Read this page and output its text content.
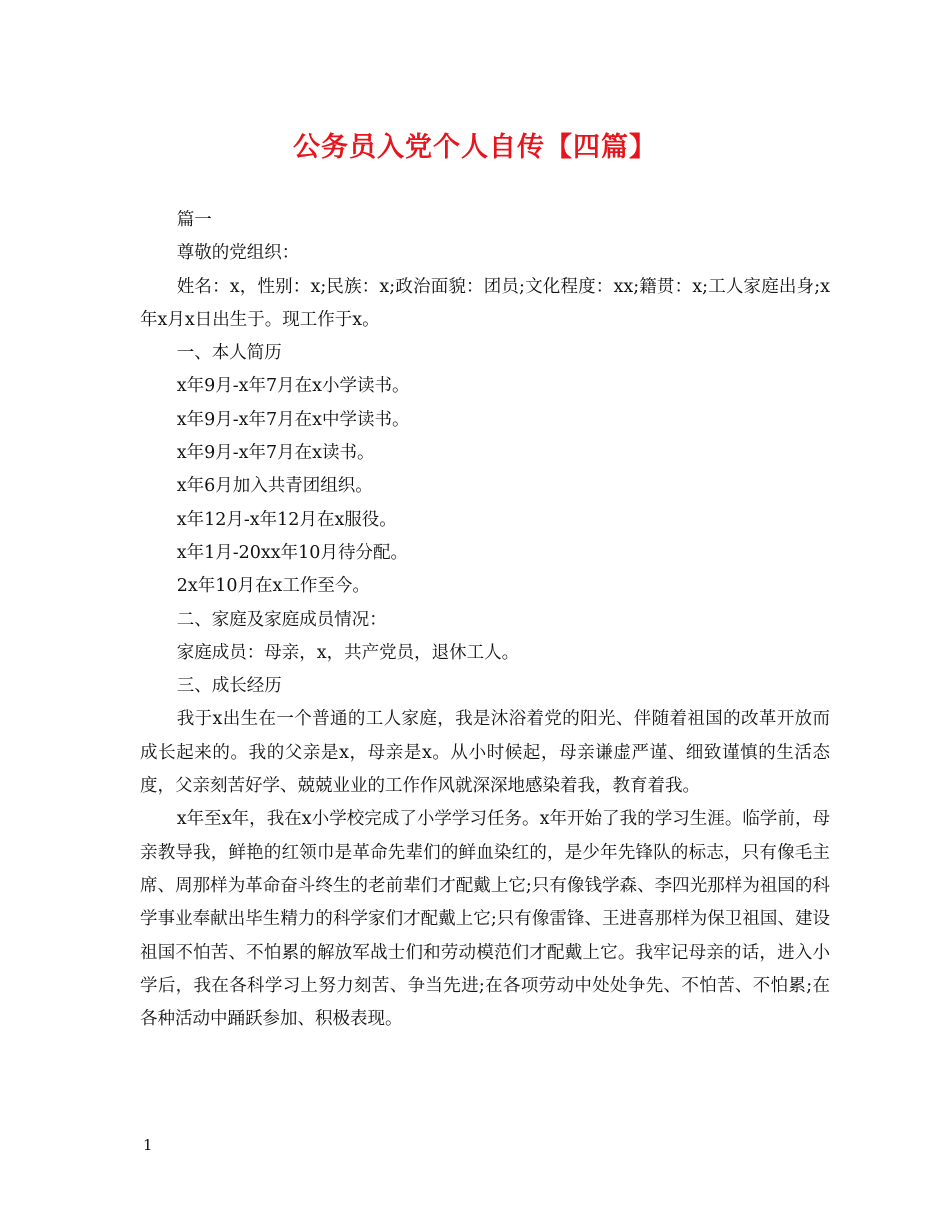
公务员入党个人自传【四篇】

篇一

尊敬的党组织：

姓名：x，性别：x;民族：x;政治面貌：团员;文化程度：xx;籍贯：x;工人家庭出身;x年x月x日出生于。现工作于x。

一、本人简历

x年9月-x年7月在x小学读书。

x年9月-x年7月在x中学读书。

x年9月-x年7月在x读书。

x年6月加入共青团组织。

x年12月-x年12月在x服役。

x年1月-20xx年10月待分配。

2x年10月在x工作至今。

二、家庭及家庭成员情况：

家庭成员：母亲，x，共产党员，退休工人。

三、成长经历

我于x出生在一个普通的工人家庭，我是沐浴着党的阳光、伴随着祖国的改革开放而成长起来的。我的父亲是x，母亲是x。从小时候起，母亲谦虚严谨、细致谨慎的生活态度，父亲刻苦好学、兢兢业业的工作作风就深深地感染着我，教育着我。

x年至x年，我在x小学校完成了小学学习任务。x年开始了我的学习生涯。临学前，母亲教导我，鲜艳的红领巾是革命先辈们的鲜血染红的，是少年先锋队的标志，只有像毛主席、周那样为革命奋斗终生的老前辈们才配戴上它;只有像钱学森、李四光那样为祖国的科学事业奉献出毕生精力的科学家们才配戴上它;只有像雷锋、王进喜那样为保卫祖国、建设祖国不怕苦、不怕累的解放军战士们和劳动模范们才配戴上它。我牢记母亲的话，进入小学后，我在各科学习上努力刻苦、争当先进;在各项劳动中处处争先、不怕苦、不怕累;在各种活动中踊跃参加、积极表现。

1
